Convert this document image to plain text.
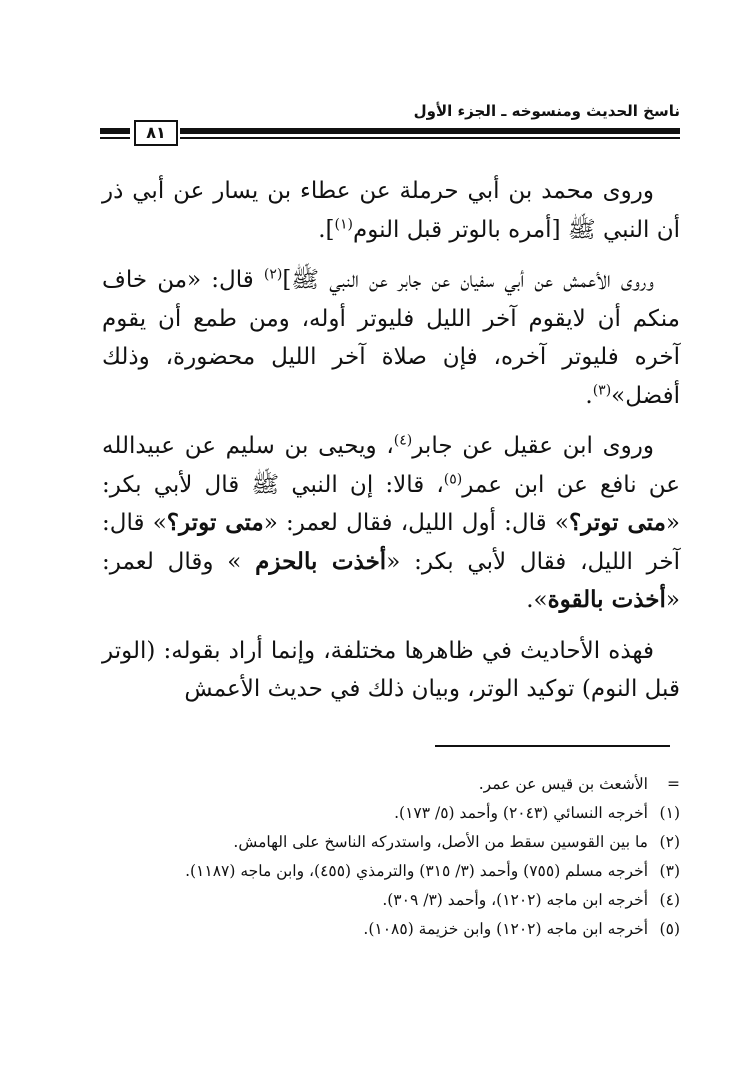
ناسخ الحديث ومنسوخه ـ الجزء الأول
٨١

وروى محمد بن أبي حرملة عن عطاء بن يسار عن أبي ذر أن النبي ﷺ [أمره بالوتر قبل النوم$^{(١)}$].

وروى الأعمش عن أبي سفيان عن جابر عن النبي ﷺ]$^{(٢)}$ قال: «من خاف منكم أن لايقوم آخر الليل فليوتر أوله، ومن طمع أن يقوم آخره فليوتر آخره، فإن صلاة آخر الليل محضورة، وذلك أفضل»$^{(٣)}$.

وروى ابن عقيل عن جابر$^{(٤)}$، ويحيى بن سليم عن عبيدالله عن نافع عن ابن عمر$^{(٥)}$، قالا: إن النبي ﷺ قال لأبي بكر: «متى توتر؟» قال: أول الليل، فقال لعمر: «متى توتر؟» قال: آخر الليل، فقال لأبي بكر: «أخذت بالحزم » وقال لعمر: «أخذت بالقوة».

فهذه الأحاديث في ظاهرها مختلفة، وإنما أراد بقوله: (الوتر قبل النوم) توكيد الوتر، وبيان ذلك في حديث الأعمش

=
الأشعث بن قيس عن عمر.
(١)
أخرجه النسائي (٢٠٤٣) وأحمد (٥/ ١٧٣).
(٢)
ما بين القوسين سقط من الأصل، واستدركه الناسخ على الهامش.
(٣)
أخرجه مسلم (٧٥٥) وأحمد (٣/ ٣١٥) والترمذي (٤٥٥)، وابن ماجه (١١٨٧).
(٤)
أخرجه ابن ماجه (١٢٠٢)، وأحمد (٣/ ٣٠٩).
(٥)
أخرجه ابن ماجه (١٢٠٢) وابن خزيمة (١٠٨٥).
